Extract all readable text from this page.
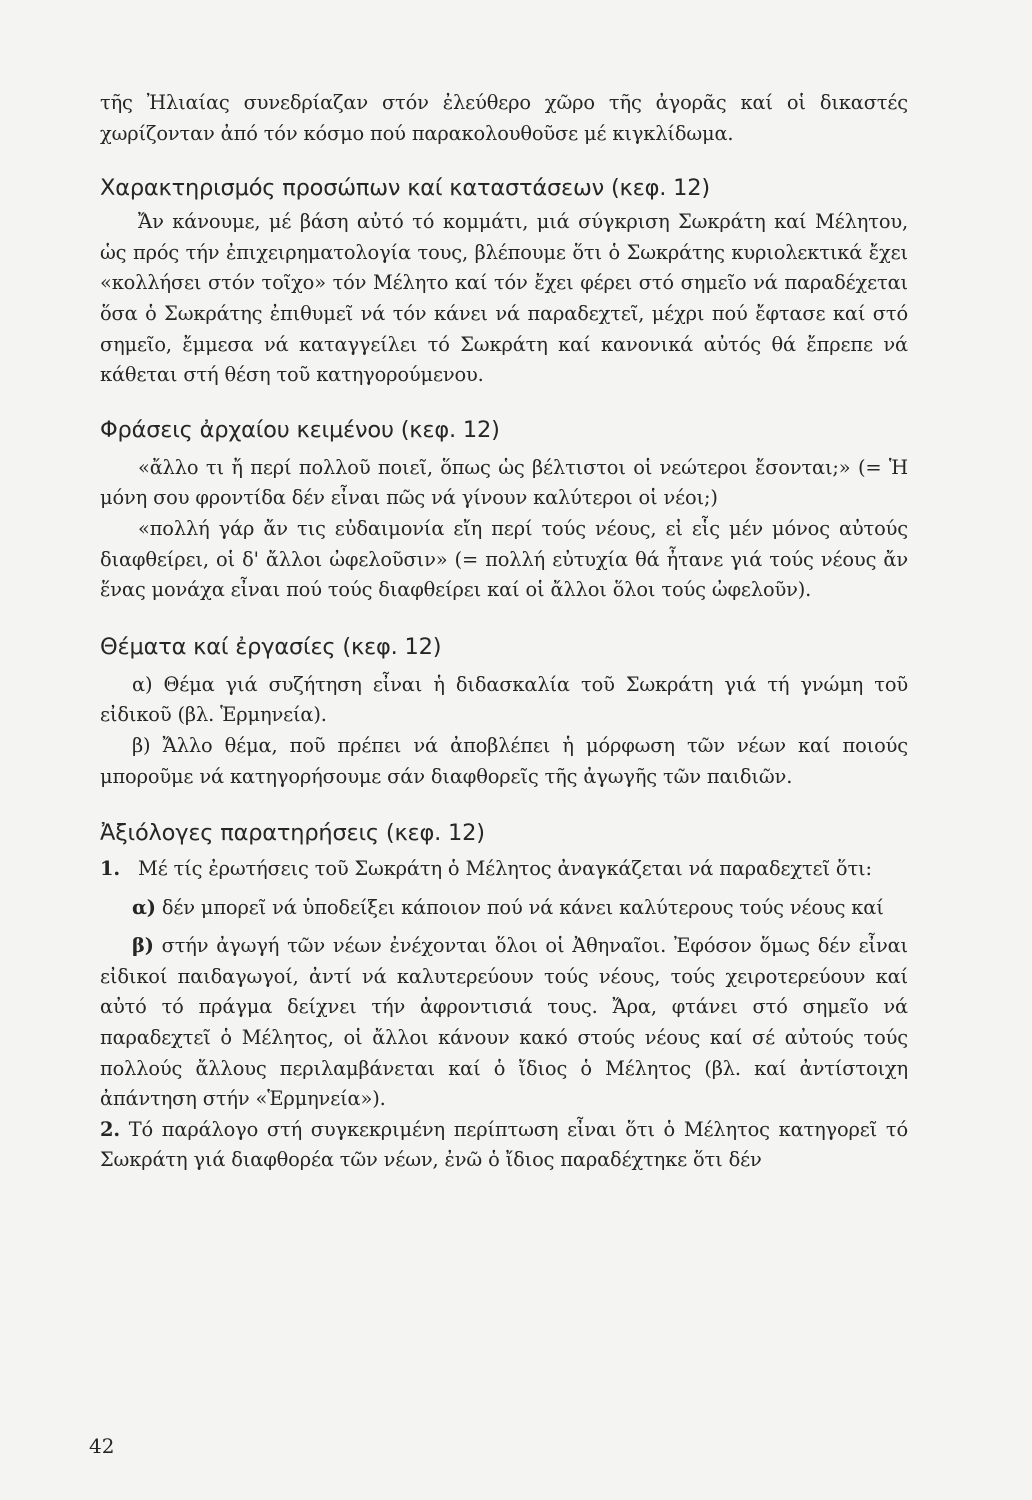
τῆς Ἠλιαίας συνεδρίαζαν στόν ἐλεύθερο χῶρο τῆς ἀγορᾶς καί οἱ δικαστές χωρίζονταν ἀπό τόν κόσμο πού παρακολουθοῦσε μέ κιγκλίδωμα.

Χαρακτηρισμός προσώπων καί καταστάσεων (κεφ. 12)

Ἄν κάνουμε, μέ βάση αὐτό τό κομμάτι, μιά σύγκριση Σωκράτη καί Μέλητου, ὡς πρός τήν ἐπιχειρηματολογία τους, βλέπουμε ὅτι ὁ Σωκράτης κυριολεκτικά ἔχει «κολλήσει στόν τοῖχο» τόν Μέλητο καί τόν ἔχει φέρει στό σημεῖο νά παραδέχεται ὅσα ὁ Σωκράτης ἐπιθυμεῖ νά τόν κάνει νά παραδεχτεῖ, μέχρι πού ἔφτασε καί στό σημεῖο, ἔμμεσα νά καταγγείλει τό Σωκράτη καί κανονικά αὐτός θά ἔπρεπε νά κάθεται στή θέση τοῦ κατηγορούμενου.

Φράσεις ἀρχαίου κειμένου (κεφ. 12)

«ἄλλο τι ἤ περί πολλοῦ ποιεῖ, ὅπως ὡς βέλτιστοι οἱ νεώτεροι ἔσονται;» (= Ἡ μόνη σου φροντίδα δέν εἶναι πῶς νά γίνουν καλύτεροι οἱ νέοι;)

«πολλή γάρ ἄν τις εὐδαιμονία εἴη περί τούς νέους, εἰ εἷς μέν μόνος αὐτούς διαφθείρει, οἱ δ' ἄλλοι ὠφελοῦσιν» (= πολλή εὐτυχία θά ἦτανε γιά τούς νέους ἄν ἕνας μονάχα εἶναι πού τούς διαφθείρει καί οἱ ἄλλοι ὅλοι τούς ὠφελοῦν).

Θέματα καί ἐργασίες (κεφ. 12)

α) Θέμα γιά συζήτηση εἶναι ἡ διδασκαλία τοῦ Σωκράτη γιά τή γνώμη τοῦ εἰδικοῦ (βλ. Ἑρμηνεία).

β) Ἄλλο θέμα, ποῦ πρέπει νά ἀποβλέπει ἡ μόρφωση τῶν νέων καί ποιούς μποροῦμε νά κατηγορήσουμε σάν διαφθορεῖς τῆς ἀγωγῆς τῶν παιδιῶν.

Ἀξιόλογες παρατηρήσεις (κεφ. 12)

1. Μέ τίς ἐρωτήσεις τοῦ Σωκράτη ὁ Μέλητος ἀναγκάζεται νά παραδεχτεῖ ὅτι:

α) δέν μπορεῖ νά ὑποδείξει κάποιον πού νά κάνει καλύτερους τούς νέους καί

β) στήν ἀγωγή τῶν νέων ἐνέχονται ὅλοι οἱ Ἀθηναῖοι. Ἐφόσον ὅμως δέν εἶναι εἰδικοί παιδαγωγοί, ἀντί νά καλυτερεύουν τούς νέους, τούς χειροτερεύουν καί αὐτό τό πράγμα δείχνει τήν ἀφροντισιά τους. Ἄρα, φτάνει στό σημεῖο νά παραδεχτεῖ ὁ Μέλητος, οἱ ἄλλοι κάνουν κακό στούς νέους καί σέ αὐτούς τούς πολλούς ἄλλους περιλαμβάνεται καί ὁ ἴδιος ὁ Μέλητος (βλ. καί ἀντίστοιχη ἀπάντηση στήν «Ἑρμηνεία»).

2. Τό παράλογο στή συγκεκριμένη περίπτωση εἶναι ὅτι ὁ Μέλητος κατηγορεῖ τό Σωκράτη γιά διαφθορέα τῶν νέων, ἐνῶ ὁ ἴδιος παραδέχτηκε ὅτι δέν

42
